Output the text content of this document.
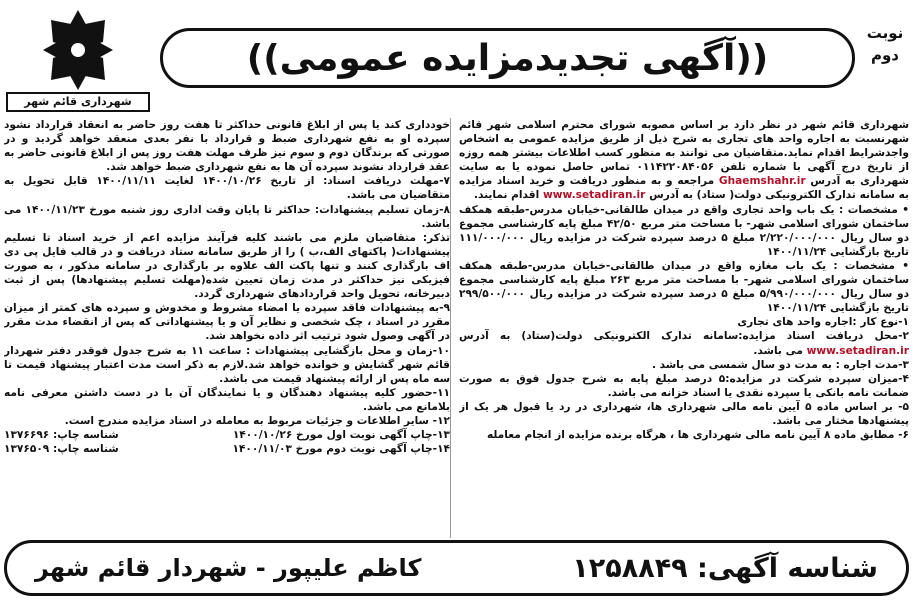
نوبت
دوم
((آگهی تجدیدمزایده عمومی))
شهرداری قائم شهر

شهرداری قائم شهر در نظر دارد بر اساس مصوبه شورای محترم اسلامی شهر قائم شهرنسبت به اجاره واحد های تجاری به شرح ذیل از طریق مزایده عمومی به اشخاص واجدشرایط اقدام نماید.متقاضیان می توانند به منظور کسب اطلاعات بیشتر همه روزه از تاریخ درج آگهی با شماره تلفن ۰۱۱۴۲۲۰۸۴۰۵۶ تماس حاصل نموده یا به سایت شهرداری به آدرس Ghaemshahr.ir مراجعه و به منظور دریافت و خرید اسناد مزایده به سامانه تدارک الکترونیکی دولت( ستاد) به آدرس www.setadiran.ir اقدام نمایند.

• مشخصات : یک باب واحد تجاری واقع در میدان طالقانی-خیابان مدرس-طبقه همکف ساختمان شورای اسلامی شهر- با مساحت متر مربع ۴۲/۵۰ مبلغ پایه کارشناسی مجموع دو سال ریال ۲/۲۲۰/۰۰۰/۰۰۰ مبلغ ۵ درصد سپرده شرکت در مزایده ریال ۱۱۱/۰۰۰/۰۰۰ تاریخ بازگشایی ۱۴۰۰/۱۱/۲۴

• مشخصات : یک باب مغازه واقع در میدان طالقانی-خیابان مدرس-طبقه همکف ساختمان شورای اسلامی شهر- با مساحت متر مربع ۲۶۳ مبلغ پایه کارشناسی مجموع دو سال ریال ۵/۹۹۰/۰۰۰/۰۰۰ مبلغ ۵ درصد سپرده شرکت در مزایده ریال ۲۹۹/۵۰۰/۰۰۰ تاریخ بازگشایی ۱۴۰۰/۱۱/۲۴

۱-نوع کار :اجاره واحد های تجاری

۲-محل دریافت اسناد مزایده:سامانه تدارک الکترونیکی دولت(ستاد) به آدرس www.setadiran.ir می باشد.

۳-مدت اجاره : به مدت دو سال شمسی می باشد .

۴-میزان سپرده شرکت در مزایده:۵ درصد مبلغ پایه به شرح جدول فوق به صورت ضمانت نامه بانکی یا سپرده نقدی یا اسناد خزانه می باشد.

۵- بر اساس ماده ۵ آیین نامه مالی شهرداری ها، شهرداری در رد یا قبول هر یک از پیشنهادها مختار می باشد.

۶- مطابق ماده ۸ آیین نامه مالی شهرداری ها ، هرگاه برنده مزایده از انجام معامله

خودداری کند یا پس از ابلاغ قانونی حداکثر تا هفت روز حاضر به انعقاد قرارداد نشود سپرده او به نفع شهرداری ضبط و قرارداد با نفر بعدی منعقد خواهد گردید و در صورتی که برندگان دوم و سوم نیز ظرف مهلت هفت روز پس از ابلاغ قانونی حاضر به عقد قرارداد نشوند سپرده آن ها به نفع شهرداری ضبط خواهد شد.

۷-مهلت دریافت اسناد: از تاریخ ۱۴۰۰/۱۰/۲۶ لغایت ۱۴۰۰/۱۱/۱۱ قابل تحویل به متقاضیان می باشد.

۸-زمان تسلیم پیشنهادات: حداکثر تا پایان وقت اداری روز شنبه مورخ ۱۴۰۰/۱۱/۲۳ می باشد.

تذکر: متقاضیان ملزم می باشند کلیه فرآیند مزایده اعم از خرید اسناد تا تسلیم پیشنهادات( پاکتهای الف،ب ) را از طریق سامانه ستاد دریافت و در قالب فایل پی دی اف بارگذاری کنند و تنها پاکت الف علاوه بر بارگذاری در سامانه مذکور ، به صورت فیزیکی نیز حداکثر در مدت زمان تعیین شده(مهلت تسلیم پیشنهادها) پس از ثبت دبیرخانه، تحویل واحد قراردادهای شهرداری گردد.

۹-به پیشنهادات فاقد سپرده یا امضاء مشروط و مخدوش و سپرده های کمتر از میزان مقرر در اسناد ، چک شخصی و نظایر آن و یا پیشنهاداتی که پس از انقضاء مدت مقرر در آگهی وصول شود ترتیب اثر داده نخواهد شد.

۱۰-زمان و محل بازگشایی پیشنهادات : ساعت ۱۱ به شرح جدول فوقدر دفتر شهردار قائم شهر گشایش و خوانده خواهد شد.لازم به ذکر است مدت اعتبار پیشنهاد قیمت تا سه ماه پس از ارائه پیشنهاد قیمت می باشد.

۱۱-حضور کلیه پیشنهاد دهندگان و یا نمایندگان آن با در دست داشتن معرفی نامه بلامانع می باشد.

۱۲- سایر اطلاعات و جزئیات مربوط به معامله در اسناد مزایده مندرج است.

۱۳-چاپ آگهی نوبت اول مورخ ۱۴۰۰/۱۰/۲۶
شناسه چاپ: ۱۳۷۶۶۹۶
۱۴-چاپ آگهی نوبت دوم مورخ ۱۴۰۰/۱۱/۰۳
شناسه چاپ: ۱۳۷۶۵۰۹
شناسه آگهی: ۱۲۵۸۸۴۹
کاظم علیپور - شهردار قائم شهر
